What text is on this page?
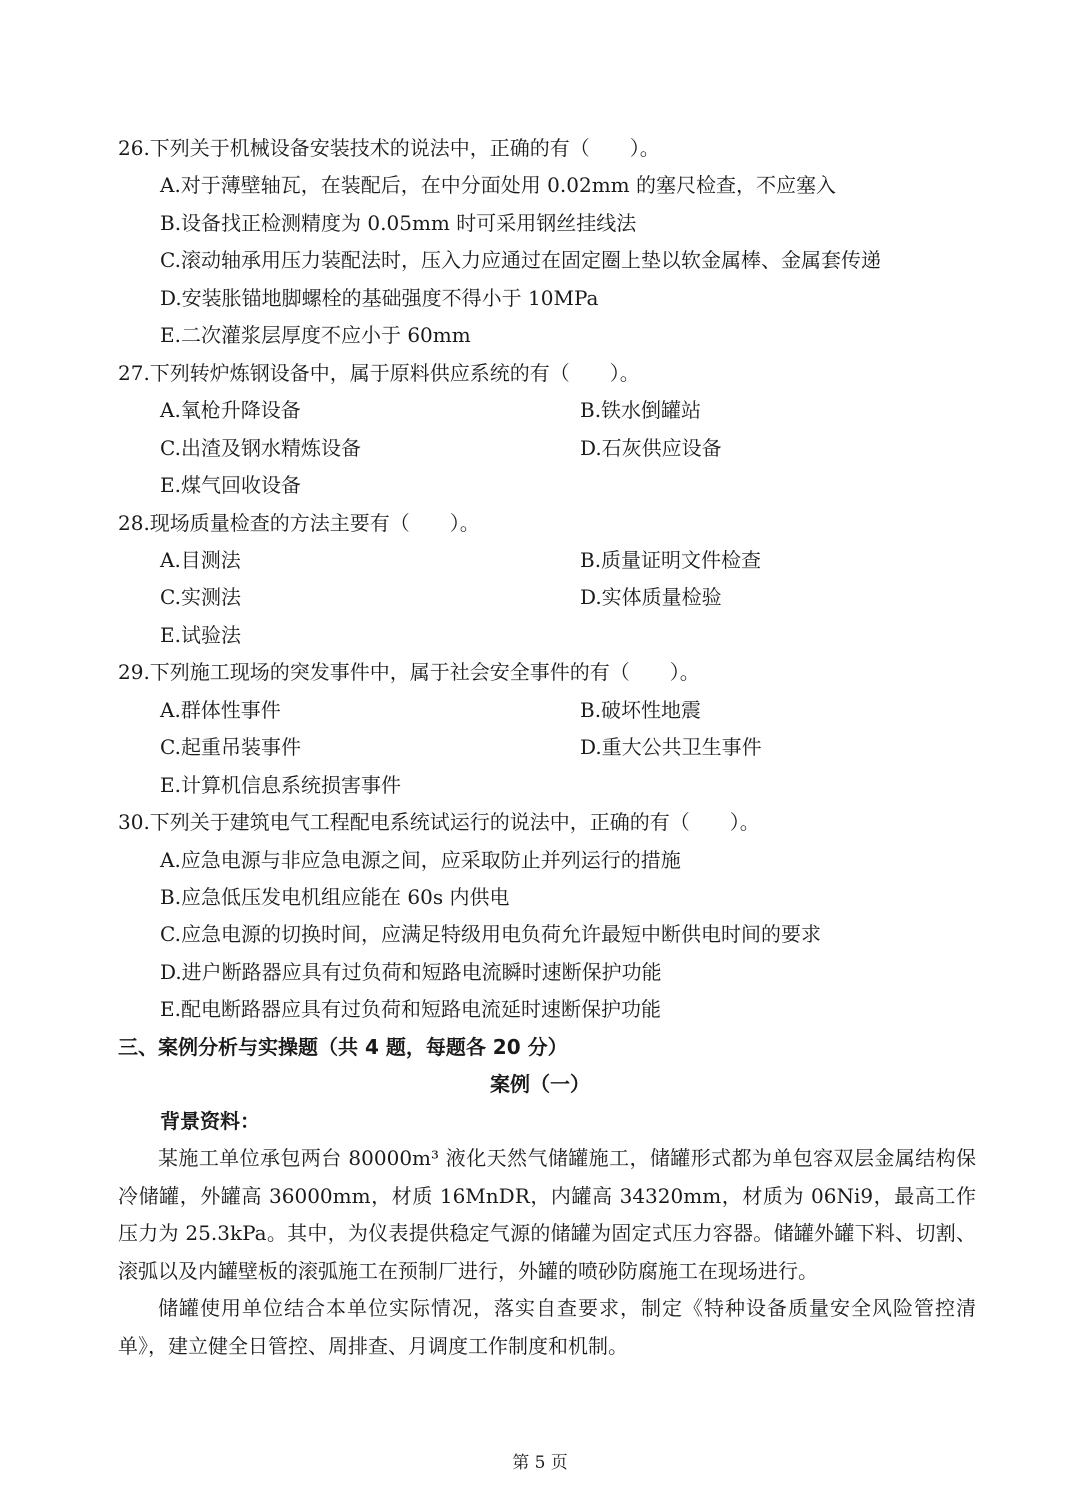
26.下列关于机械设备安装技术的说法中，正确的有（　　）。
A.对于薄壁轴瓦，在装配后，在中分面处用 0.02mm 的塞尺检查，不应塞入
B.设备找正检测精度为 0.05mm 时可采用钢丝挂线法
C.滚动轴承用压力装配法时，压入力应通过在固定圈上垫以软金属棒、金属套传递
D.安装胀锚地脚螺栓的基础强度不得小于 10MPa
E.二次灌浆层厚度不应小于 60mm
27.下列转炉炼钢设备中，属于原料供应系统的有（　　）。
A.氧枪升降设备	B.铁水倒罐站
C.出渣及钢水精炼设备	D.石灰供应设备
E.煤气回收设备
28.现场质量检查的方法主要有（　　）。
A.目测法	B.质量证明文件检查
C.实测法	D.实体质量检验
E.试验法
29.下列施工现场的突发事件中，属于社会安全事件的有（　　）。
A.群体性事件	B.破坏性地震
C.起重吊装事件	D.重大公共卫生事件
E.计算机信息系统损害事件
30.下列关于建筑电气工程配电系统试运行的说法中，正确的有（　　）。
A.应急电源与非应急电源之间，应采取防止并列运行的措施
B.应急低压发电机组应能在 60s 内供电
C.应急电源的切换时间，应满足特级用电负荷允许最短中断供电时间的要求
D.进户断路器应具有过负荷和短路电流瞬时速断保护功能
E.配电断路器应具有过负荷和短路电流延时速断保护功能
三、案例分析与实操题（共 4 题，每题各 20 分）
案例（一）
背景资料：
某施工单位承包两台 80000m³ 液化天然气储罐施工，储罐形式都为单包容双层金属结构保冷储罐，外罐高 36000mm，材质 16MnDR，内罐高 34320mm，材质为 06Ni9，最高工作压力为 25.3kPa。其中，为仪表提供稳定气源的储罐为固定式压力容器。储罐外罐下料、切割、滚弧以及内罐壁板的滚弧施工在预制厂进行，外罐的喷砂防腐施工在现场进行。
储罐使用单位结合本单位实际情况，落实自查要求，制定《特种设备质量安全风险管控清单》，建立健全日管控、周排查、月调度工作制度和机制。
第 5 页
